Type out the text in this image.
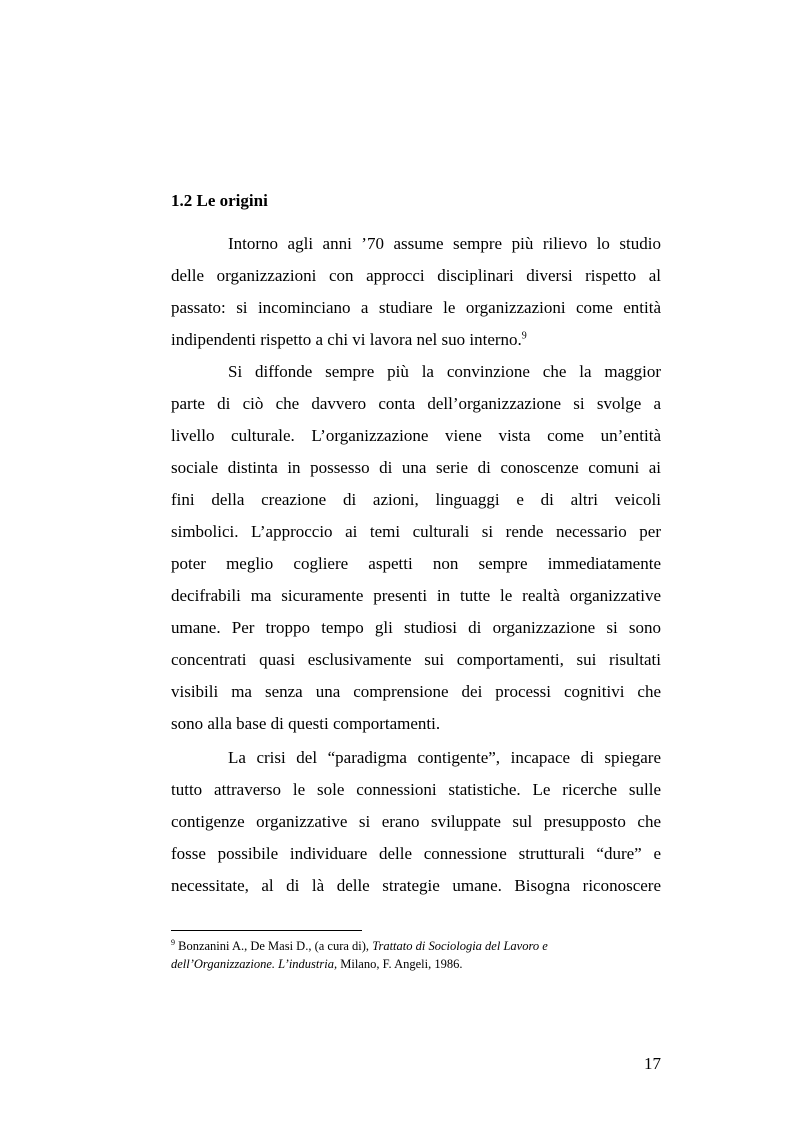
1.2 Le origini

Intorno agli anni ’70 assume sempre più rilievo lo studio

delle organizzazioni con approcci disciplinari diversi rispetto al

passato: si incominciano a studiare le organizzazioni come entità

indipendenti rispetto a chi vi lavora nel suo interno.$^9$

Si diffonde sempre più la convinzione che la maggior

parte di ciò che davvero conta dell’organizzazione si svolge a

livello culturale. L’organizzazione viene vista come un’entità

sociale distinta in possesso di una serie di conoscenze comuni ai

fini della creazione di azioni, linguaggi e di altri veicoli

simbolici. L’approccio ai temi culturali si rende necessario per

poter meglio cogliere aspetti non sempre immediatamente

decifrabili ma sicuramente presenti in tutte le realtà organizzative

umane. Per troppo tempo gli studiosi di organizzazione si sono

concentrati quasi esclusivamente sui comportamenti, sui risultati

visibili ma senza una comprensione dei processi cognitivi che

sono alla base di questi comportamenti.

La crisi del “paradigma contigente”, incapace di spiegare

tutto attraverso le sole connessioni statistiche. Le ricerche sulle

contigenze organizzative si erano sviluppate sul presupposto che

fosse possibile individuare delle connessione strutturali “dure” e

necessitate, al di là delle strategie umane. Bisogna riconoscere

$^9$ Bonzanini A., De Masi D., (a cura di), Trattato di Sociologia del Lavoro e dell’Organizzazione. L’industria, Milano, F. Angeli, 1986.

17
